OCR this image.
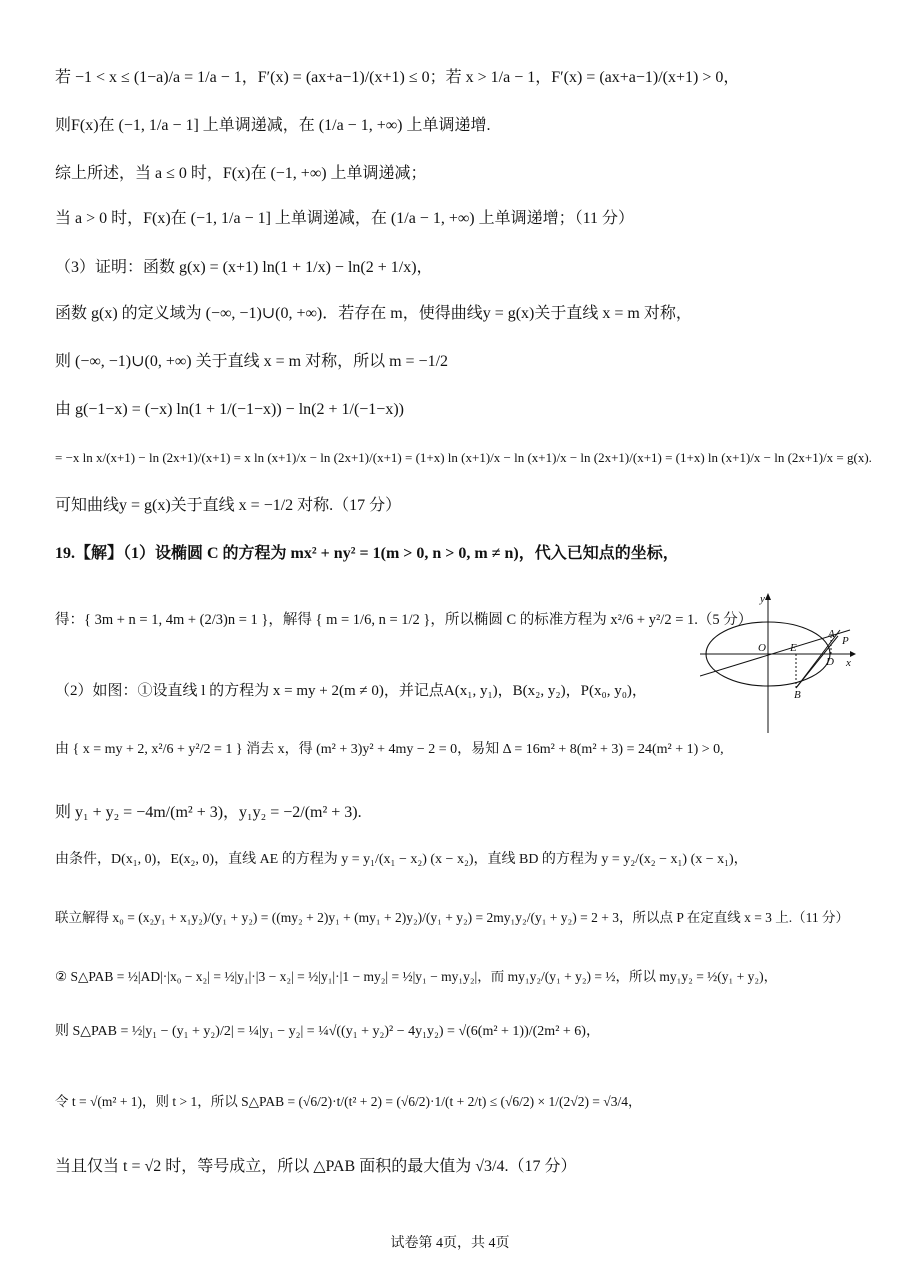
若 −1 < x ≤ (1−a)/a = 1/a − 1，F′(x) = (ax+a−1)/(x+1) ≤ 0；若 x > 1/a − 1，F′(x) = (ax+a−1)/(x+1) > 0，
则F(x)在 (−1, 1/a − 1] 上单调递减，在 (1/a − 1, +∞) 上单调递增.
综上所述，当 a ≤ 0 时，F(x)在 (−1, +∞) 上单调递减；
当 a > 0 时，F(x)在 (−1, 1/a − 1] 上单调递减，在 (1/a − 1, +∞) 上单调递增；（11 分）
（3）证明：函数 g(x) = (x+1) ln(1 + 1/x) − ln(2 + 1/x)，
函数 g(x) 的定义域为 (−∞, −1)∪(0, +∞)．若存在 m，使得曲线y = g(x)关于直线 x = m 对称，
则 (−∞, −1)∪(0, +∞) 关于直线 x = m 对称，所以 m = −1/2
由 g(−1−x) = (−x) ln(1 + 1/(−1−x)) − ln(2 + 1/(−1−x))
= −x ln x/(x+1) − ln (2x+1)/(x+1) = x ln (x+1)/x − ln (2x+1)/(x+1) = (1+x) ln (x+1)/x − ln (x+1)/x − ln (2x+1)/(x+1) = (1+x) ln (x+1)/x − ln (2x+1)/x = g(x).
可知曲线y = g(x)关于直线 x = −1/2 对称.（17 分）
19.【解】（1）设椭圆 C 的方程为 mx² + ny² = 1(m > 0, n > 0, m ≠ n)，代入已知点的坐标，
得：{ 3m + n = 1, 4m + (2/3)n = 1 }，解得 { m = 1/6, n = 1/2 }，所以椭圆 C 的标准方程为 x²/6 + y²/2 = 1.（5 分）
（2）如图：①设直线 l 的方程为 x = my + 2(m ≠ 0)，并记点A(x₁, y₁)，B(x₂, y₂)，P(x₀, y₀)，
由 { x = my + 2, x²/6 + y²/2 = 1 } 消去 x，得 (m² + 3)y² + 4my − 2 = 0，易知 Δ = 16m² + 8(m² + 3) = 24(m² + 1) > 0,
则 y₁ + y₂ = −4m/(m² + 3)，y₁y₂ = −2/(m² + 3).
由条件，D(x₁, 0)，E(x₂, 0)，直线 AE 的方程为 y = y₁/(x₁ − x₂) (x − x₂)，直线 BD 的方程为 y = y₂/(x₂ − x₁) (x − x₁)，
联立解得 x₀ = (x₂y₁ + x₁y₂)/(y₁ + y₂) = ((my₂ + 2)y₁ + (my₁ + 2)y₂)/(y₁ + y₂) = 2my₁y₂/(y₁ + y₂) = 2 + 3，所以点 P 在定直线 x = 3 上.（11 分）
② S△PAB = ½|AD|·|x₀ − x₂| = ½|y₁|·|3 − x₂| = ½|y₁|·|1 − my₂| = ½|y₁ − my₁y₂|，而 my₁y₂/(y₁ + y₂) = ½，所以 my₁y₂ = ½(y₁ + y₂)，
则 S△PAB = ½|y₁ − (y₁ + y₂)/2| = ¼|y₁ − y₂| = ¼√((y₁ + y₂)² − 4y₁y₂) = √(6(m² + 1))/(2m² + 6)，
令 t = √(m² + 1)，则 t > 1，所以 S△PAB = (√6/2)·t/(t² + 2) = (√6/2)·1/(t + 2/t) ≤ (√6/2) × 1/(2√2) = √3/4，
当且仅当 t = √2 时，等号成立，所以 △PAB 面积的最大值为 √3/4.（17 分）
y
x
O E
A
P
D
B
试卷第 4页，共 4页
